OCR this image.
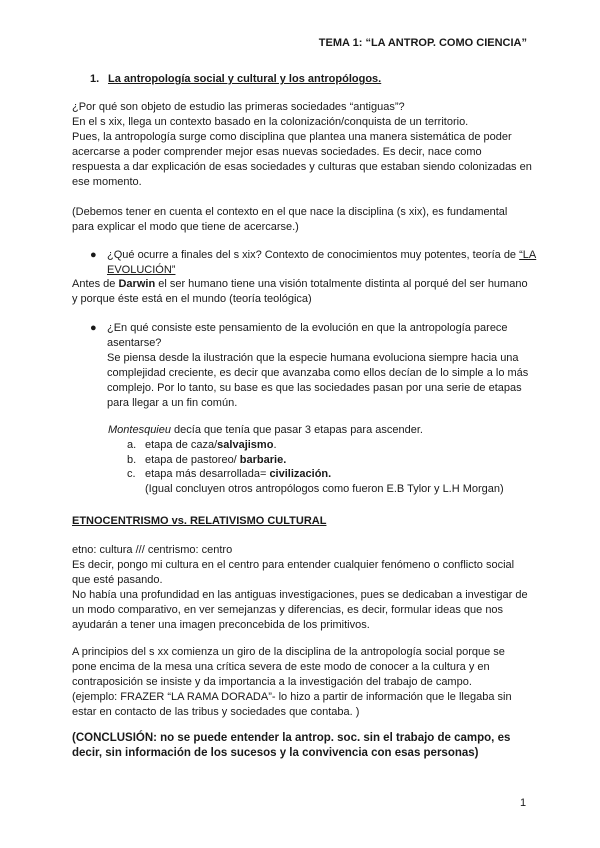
TEMA 1: “LA ANTROP. COMO CIENCIA”
1. La antropología social y cultural y los antropólogos.
¿Por qué son objeto de estudio las primeras sociedades “antiguas”?
En el s xix, llega un contexto basado en la colonización/conquista de un territorio.
Pues, la antropología surge como disciplina que plantea una manera sistemática de poder acercarse a poder comprender mejor esas nuevas sociedades. Es decir, nace como respuesta a dar explicación de esas sociedades y culturas que estaban siendo colonizadas en ese momento.
(Debemos tener en cuenta el contexto en el que nace la disciplina (s xix), es fundamental para explicar el modo que tiene de acercarse.)
● ¿Qué ocurre a finales del s xix? Contexto de conocimientos muy potentes, teoría de “LA EVOLUCIÓN”
Antes de Darwin el ser humano tiene una visión totalmente distinta al porqué del ser humano y porque éste está en el mundo (teoría teológica)
● ¿En qué consiste este pensamiento de la evolución en que la antropología parece asentarse?
Se piensa desde la ilustración que la especie humana evoluciona siempre hacia una complejidad creciente, es decir que avanzaba como ellos decían de lo simple a lo más complejo. Por lo tanto, su base es que las sociedades pasan por una serie de etapas para llegar a un fin común.
Montesquieu decía que tenía que pasar 3 etapas para ascender.
a. etapa de caza/salvajismo.
b. etapa de pastoreo/ barbarie.
c. etapa más desarrollada= civilización.
(Igual concluyen otros antropólogos como fueron E.B Tylor y L.H Morgan)
ETNOCENTRISMO vs. RELATIVISMO CULTURAL
etno: cultura /// centrismo: centro
Es decir, pongo mi cultura en el centro para entender cualquier fenómeno o conflicto social que esté pasando.
No había una profundidad en las antiguas investigaciones, pues se dedicaban a investigar de un modo comparativo, en ver semejanzas y diferencias, es decir, formular ideas que nos ayudarán a tener una imagen preconcebida de los primitivos.
A principios del s xx comienza un giro de la disciplina de la antropología social porque se pone encima de la mesa una crítica severa de este modo de conocer a la cultura y en contraposición se insiste y da importancia a la investigación del trabajo de campo.
(ejemplo: FRAZER “LA RAMA DORADA”- lo hizo a partir de información que le llegaba sin estar en contacto de las tribus y sociedades que contaba. )
(CONCLUSIÓN: no se puede entender la antrop. soc. sin el trabajo de campo, es decir, sin información de los sucesos y la convivencia con esas personas)
1
